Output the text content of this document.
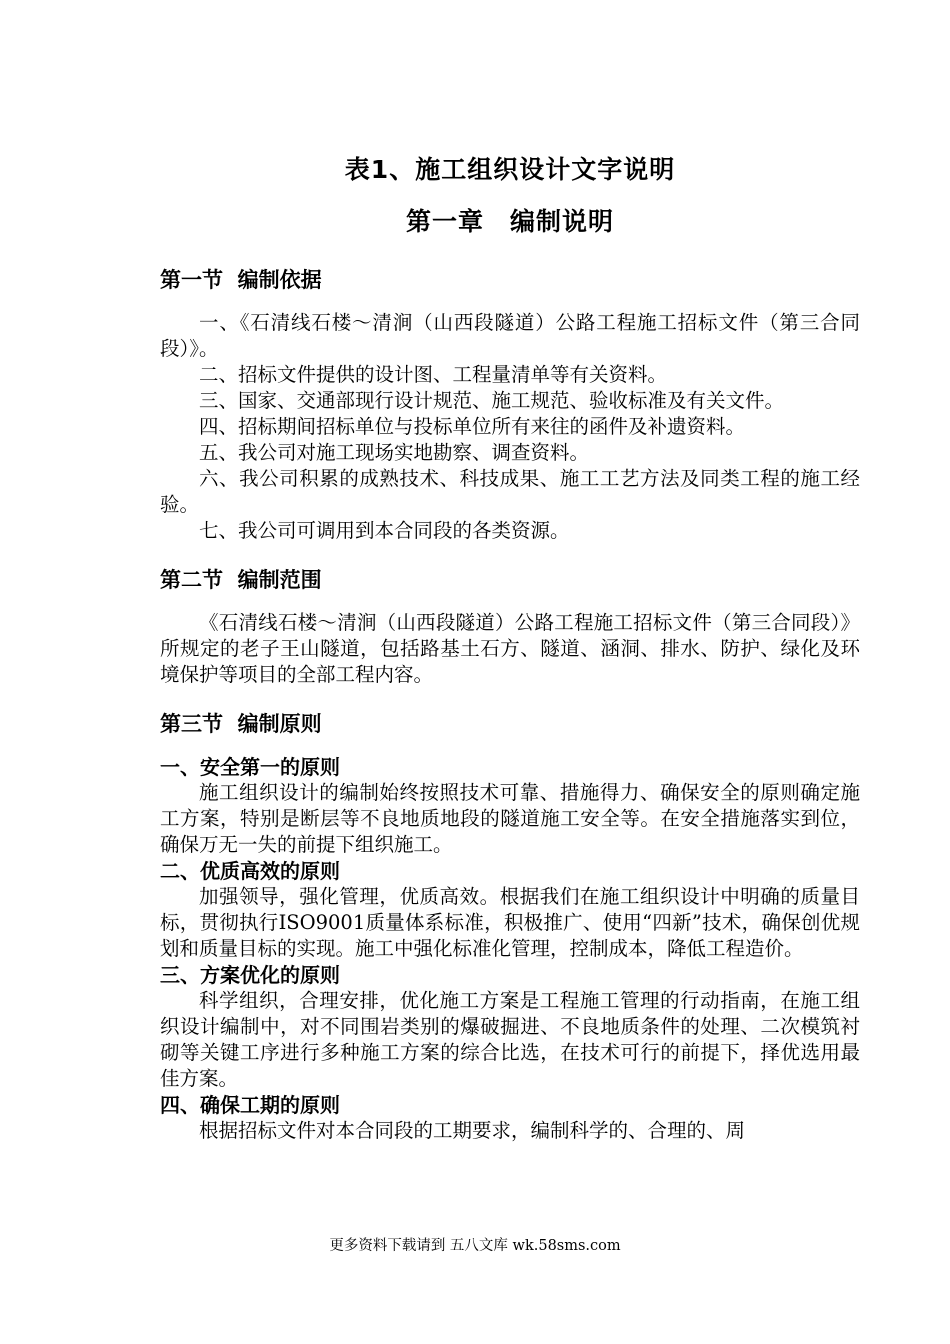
表1、施工组织设计文字说明
第一章　编制说明
第一节  编制依据

一、《石清线石楼～清涧（山西段隧道）公路工程施工招标文件（第三合同段）》。

二、招标文件提供的设计图、工程量清单等有关资料。

三、国家、交通部现行设计规范、施工规范、验收标准及有关文件。

四、招标期间招标单位与投标单位所有来往的函件及补遗资料。

五、我公司对施工现场实地勘察、调查资料。

六、我公司积累的成熟技术、科技成果、施工工艺方法及同类工程的施工经验。

七、我公司可调用到本合同段的各类资源。

第二节  编制范围

《石清线石楼～清涧（山西段隧道）公路工程施工招标文件（第三合同段）》所规定的老子王山隧道，包括路基土石方、隧道、涵洞、排水、防护、绿化及环境保护等项目的全部工程内容。

第三节  编制原则
一、安全第一的原则

施工组织设计的编制始终按照技术可靠、措施得力、确保安全的原则确定施工方案，特别是断层等不良地质地段的隧道施工安全等。在安全措施落实到位，确保万无一失的前提下组织施工。

二、优质高效的原则

加强领导，强化管理，优质高效。根据我们在施工组织设计中明确的质量目标，贯彻执行ISO9001质量体系标准，积极推广、使用“四新”技术，确保创优规划和质量目标的实现。施工中强化标准化管理，控制成本，降低工程造价。

三、方案优化的原则

科学组织，合理安排，优化施工方案是工程施工管理的行动指南，在施工组织设计编制中，对不同围岩类别的爆破掘进、不良地质条件的处理、二次模筑衬砌等关键工序进行多种施工方案的综合比选，在技术可行的前提下，择优选用最佳方案。

四、确保工期的原则

根据招标文件对本合同段的工期要求，编制科学的、合理的、周

更多资料下载请到 五八文库 wk.58sms.com
